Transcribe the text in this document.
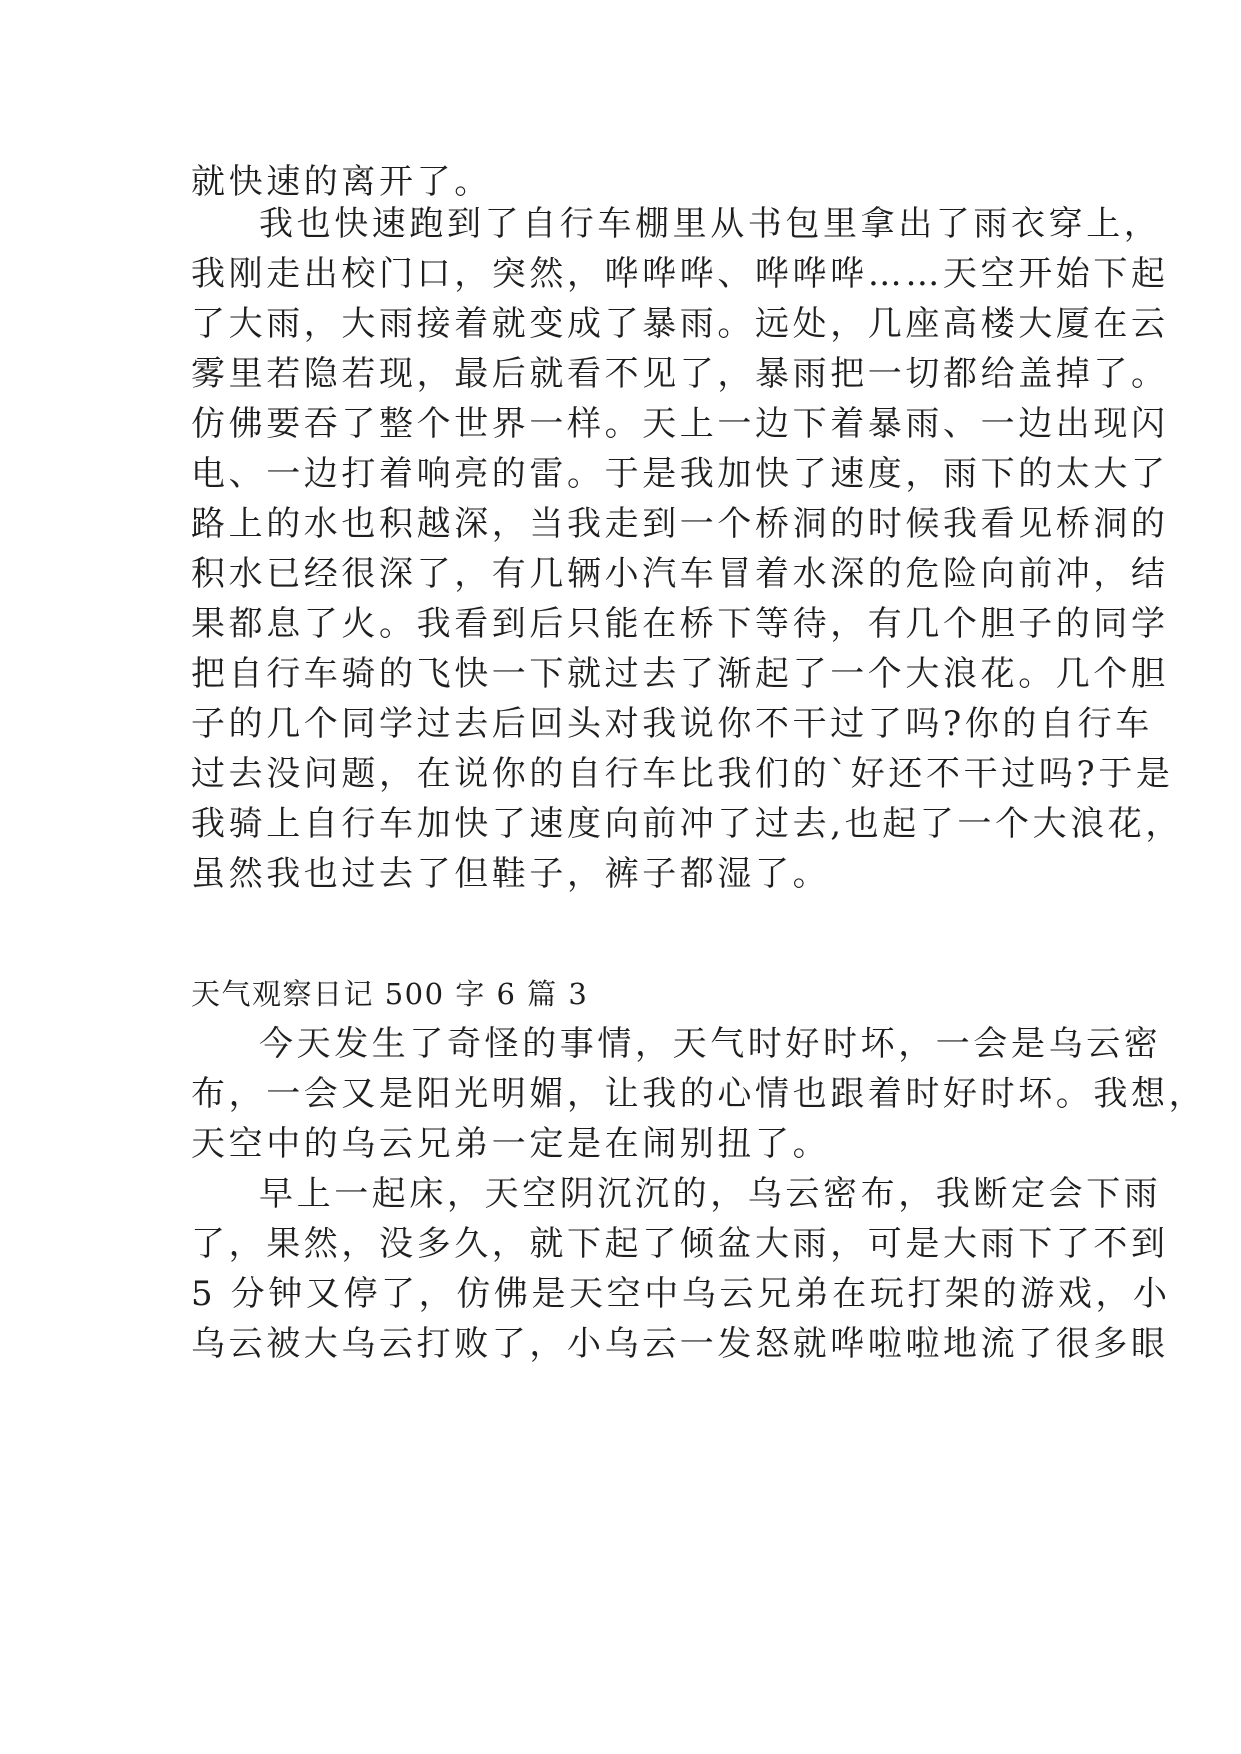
就快速的离开了。

我也快速跑到了自行车棚里从书包里拿出了雨衣穿上，

我刚走出校门口，突然，哗哗哗、哗哗哗……天空开始下起

了大雨，大雨接着就变成了暴雨。远处，几座高楼大厦在云

雾里若隐若现，最后就看不见了，暴雨把一切都给盖掉了。

仿佛要吞了整个世界一样。天上一边下着暴雨、一边出现闪

电、一边打着响亮的雷。于是我加快了速度，雨下的太大了

路上的水也积越深，当我走到一个桥洞的时候我看见桥洞的

积水已经很深了，有几辆小汽车冒着水深的危险向前冲，结

果都息了火。我看到后只能在桥下等待，有几个胆子的同学

把自行车骑的飞快一下就过去了渐起了一个大浪花。几个胆

子的几个同学过去后回头对我说你不干过了吗?你的自行车

过去没问题，在说你的自行车比我们的`好还不干过吗?于是

我骑上自行车加快了速度向前冲了过去,也起了一个大浪花，

虽然我也过去了但鞋子，裤子都湿了。

天气观察日记 500 字 6 篇 3

今天发生了奇怪的事情，天气时好时坏，一会是乌云密

布，一会又是阳光明媚，让我的心情也跟着时好时坏。我想，

天空中的乌云兄弟一定是在闹别扭了。

早上一起床，天空阴沉沉的，乌云密布，我断定会下雨

了，果然，没多久，就下起了倾盆大雨，可是大雨下了不到

5 分钟又停了，仿佛是天空中乌云兄弟在玩打架的游戏，小

乌云被大乌云打败了，小乌云一发怒就哗啦啦地流了很多眼
